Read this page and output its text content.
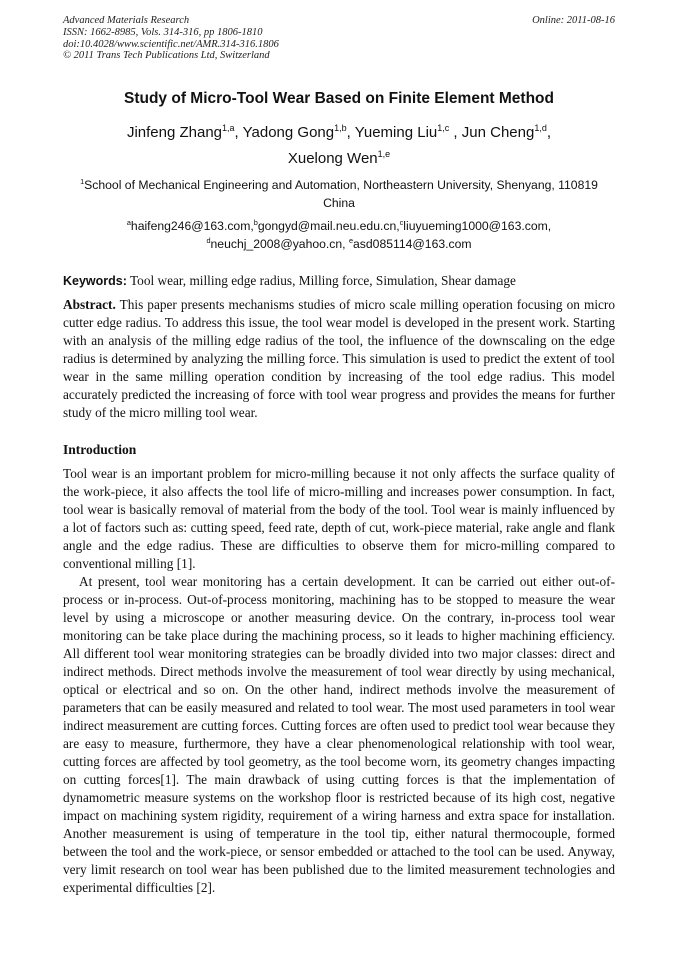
Advanced Materials Research
ISSN: 1662-8985, Vols. 314-316, pp 1806-1810
doi:10.4028/www.scientific.net/AMR.314-316.1806
© 2011 Trans Tech Publications Ltd, Switzerland
Online: 2011-08-16
Study of Micro-Tool Wear Based on Finite Element Method
Jinfeng Zhang$^{1,a}$, Yadong Gong$^{1,b}$, Yueming Liu$^{1,c}$ , Jun Cheng$^{1,d}$,
Xuelong Wen$^{1,e}$
$^1$School of Mechanical Engineering and Automation, Northeastern University, Shenyang, 110819 China
$^a$haifeng246@163.com,$^b$gongyd@mail.neu.edu.cn,$^c$liuyueming1000@163.com,
$^d$neuchj_2008@yahoo.cn, $^e$asd085114@163.com
Keywords: Tool wear, milling edge radius, Milling force, Simulation, Shear damage
Abstract. This paper presents mechanisms studies of micro scale milling operation focusing on micro cutter edge radius. To address this issue, the tool wear model is developed in the present work. Starting with an analysis of the milling edge radius of the tool, the influence of the downscaling on the edge radius is determined by analyzing the milling force. This simulation is used to predict the extent of tool wear in the same milling operation condition by increasing of the tool edge radius. This model accurately predicted the increasing of force with tool wear progress and provides the means for further study of the micro milling tool wear.
Introduction

Tool wear is an important problem for micro-milling because it not only affects the surface quality of the work-piece, it also affects the tool life of micro-milling and increases power consumption. In fact, tool wear is basically removal of material from the body of the tool. Tool wear is mainly influenced by a lot of factors such as: cutting speed, feed rate, depth of cut, work-piece material, rake angle and flank angle and the edge radius. These are difficulties to observe them for micro-milling compared to conventional milling [1].

At present, tool wear monitoring has a certain development. It can be carried out either out-of-process or in-process. Out-of-process monitoring, machining has to be stopped to measure the wear level by using a microscope or another measuring device. On the contrary, in-process tool wear monitoring can be take place during the machining process, so it leads to higher machining efficiency. All different tool wear monitoring strategies can be broadly divided into two major classes: direct and indirect methods. Direct methods involve the measurement of tool wear directly by using mechanical, optical or electrical and so on. On the other hand, indirect methods involve the measurement of parameters that can be easily measured and related to tool wear. The most used parameters in tool wear indirect measurement are cutting forces. Cutting forces are often used to predict tool wear because they are easy to measure, furthermore, they have a clear phenomenological relationship with tool wear, cutting forces are affected by tool geometry, as the tool become worn, its geometry changes impacting on cutting forces[1]. The main drawback of using cutting forces is that the implementation of dynamometric measure systems on the workshop floor is restricted because of its high cost, negative impact on machining system rigidity, requirement of a wiring harness and extra space for installation. Another measurement is using of temperature in the tool tip, either natural thermocouple, formed between the tool and the work-piece, or sensor embedded or attached to the tool can be used. Anyway, very limit research on tool wear has been published due to the limited measurement technologies and experimental difficulties [2].
